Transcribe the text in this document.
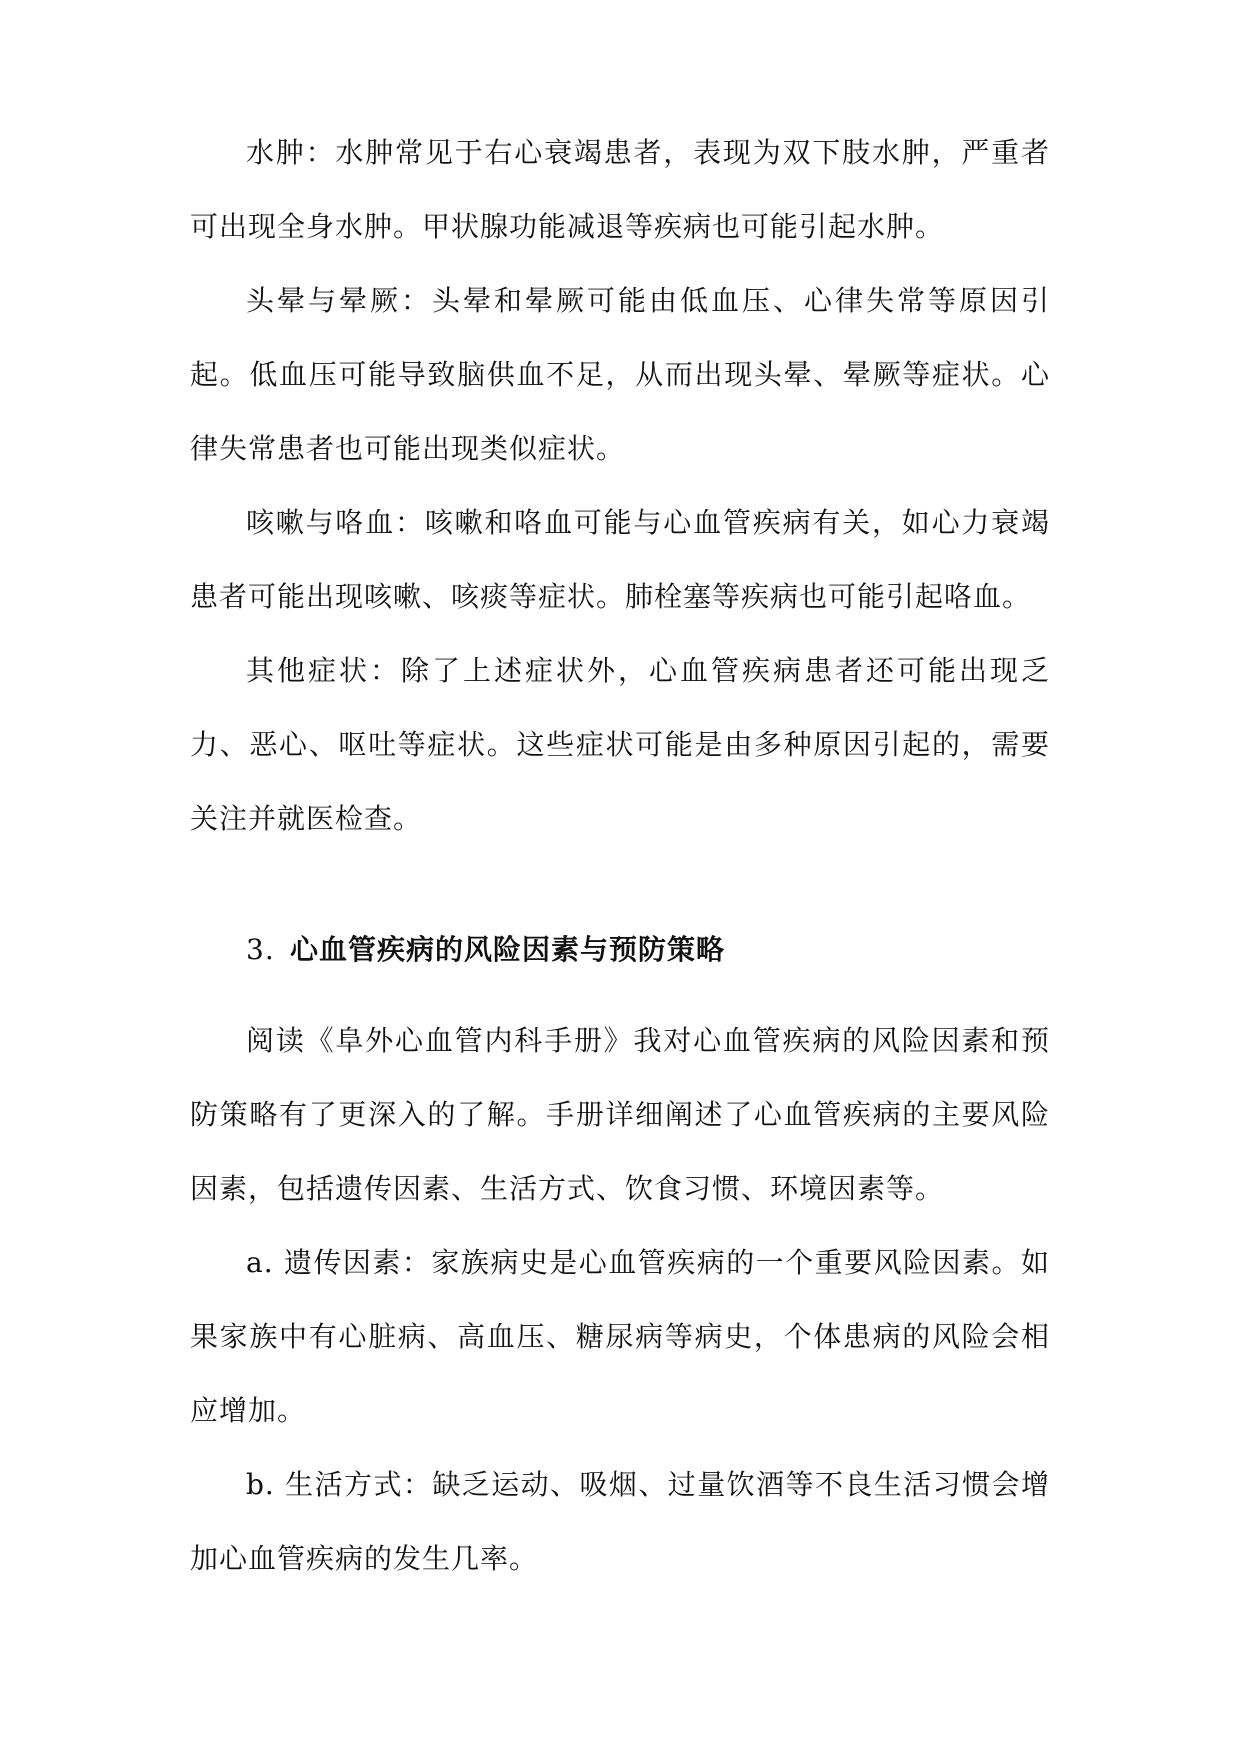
水肿：水肿常见于右心衰竭患者，表现为双下肢水肿，严重者可出现全身水肿。甲状腺功能减退等疾病也可能引起水肿。

头晕与晕厥：头晕和晕厥可能由低血压、心律失常等原因引起。低血压可能导致脑供血不足，从而出现头晕、晕厥等症状。心律失常患者也可能出现类似症状。

咳嗽与咯血：咳嗽和咯血可能与心血管疾病有关，如心力衰竭患者可能出现咳嗽、咳痰等症状。肺栓塞等疾病也可能引起咯血。

其他症状：除了上述症状外，心血管疾病患者还可能出现乏力、恶心、呕吐等症状。这些症状可能是由多种原因引起的，需要关注并就医检查。

3. 心血管疾病的风险因素与预防策略

阅读《阜外心血管内科手册》我对心血管疾病的风险因素和预防策略有了更深入的了解。手册详细阐述了心血管疾病的主要风险因素，包括遗传因素、生活方式、饮食习惯、环境因素等。

a. 遗传因素：家族病史是心血管疾病的一个重要风险因素。如果家族中有心脏病、高血压、糖尿病等病史，个体患病的风险会相应增加。

b. 生活方式：缺乏运动、吸烟、过量饮酒等不良生活习惯会增加心血管疾病的发生几率。
